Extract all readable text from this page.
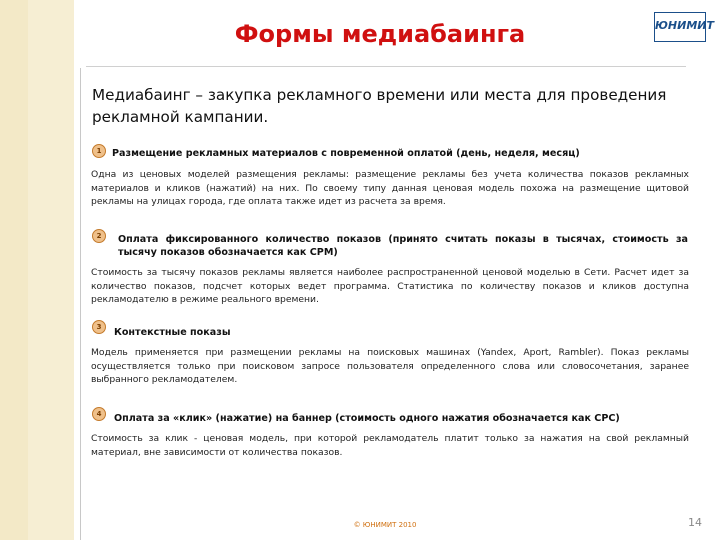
Формы медиабаинга	ЮНИМИТ
Медиабаинг – закупка рекламного времени или места для проведения рекламной кампании.
1	Размещение рекламных материалов с повременной оплатой (день, неделя, месяц)
Одна из ценовых моделей размещения рекламы: размещение рекламы без учета количества показов рекламных материалов и кликов (нажатий) на них. По своему типу данная ценовая модель похожа на размещение щитовой рекламы на улицах города, где оплата также идет из расчета за время.
2	Оплата фиксированного количество показов (принято считать показы в тысячах, стоимость за тысячу показов обозначается как CPM)
Стоимость за тысячу показов рекламы является наиболее распространенной ценовой моделью в Сети. Расчет идет за количество показов, подсчет которых ведет программа. Статистика по количеству показов и кликов доступна рекламодателю в режиме реального времени.
3	Контекстные показы
Модель применяется при размещении рекламы на поисковых машинах (Yandex, Aport, Rambler). Показ рекламы осуществляется только при поисковом запросе пользователя определенного слова или словосочетания, заранее выбранного рекламодателем.
4	Оплата за «клик» (нажатие) на баннер (стоимость одного нажатия обозначается как CPC)
Стоимость за клик - ценовая модель, при которой рекламодатель платит только за нажатия на свой рекламный материал, вне зависимости от количества показов.
© ЮНИМИТ 2010	14
